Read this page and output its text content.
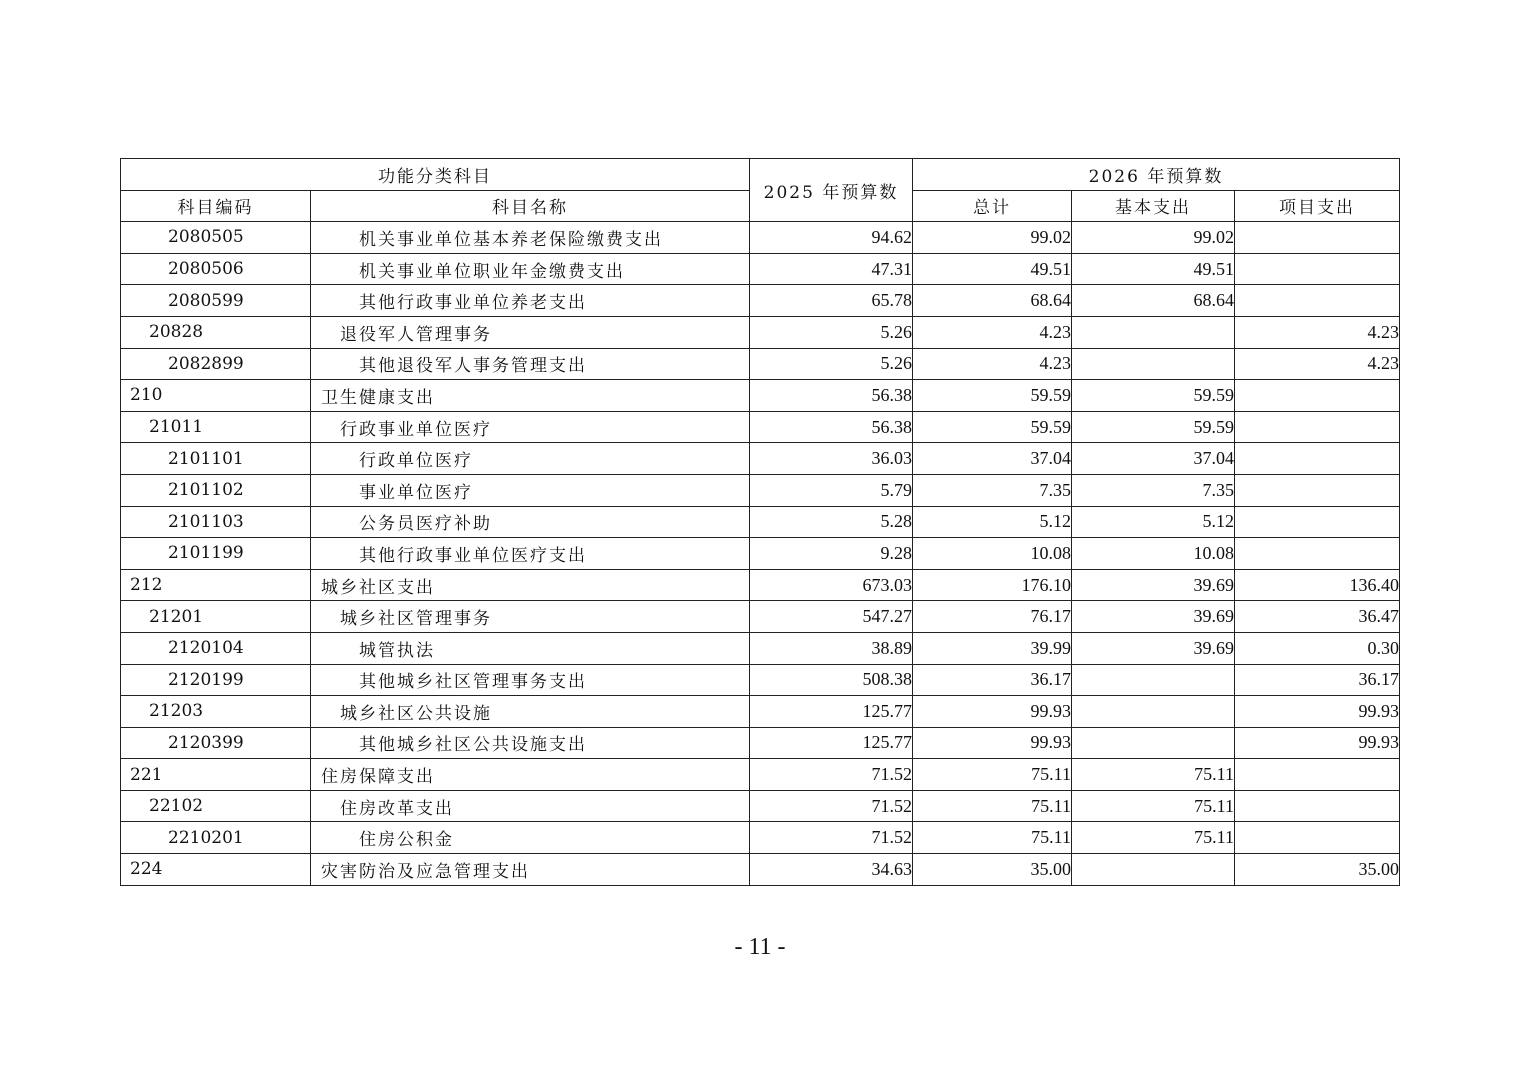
功能分类科目		2025 年预算数	2026 年预算数		
科目编码	科目名称		总计	基本支出	项目支出
2080505	机关事业单位基本养老保险缴费支出	94.62	99.02	99.02	
2080506	机关事业单位职业年金缴费支出	47.31	49.51	49.51	
2080599	其他行政事业单位养老支出	65.78	68.64	68.64	
20828	退役军人管理事务	5.26	4.23		4.23
2082899	其他退役军人事务管理支出	5.26	4.23		4.23
210	卫生健康支出	56.38	59.59	59.59	
21011	行政事业单位医疗	56.38	59.59	59.59	
2101101	行政单位医疗	36.03	37.04	37.04	
2101102	事业单位医疗	5.79	7.35	7.35	
2101103	公务员医疗补助	5.28	5.12	5.12	
2101199	其他行政事业单位医疗支出	9.28	10.08	10.08	
212	城乡社区支出	673.03	176.10	39.69	136.40
21201	城乡社区管理事务	547.27	76.17	39.69	36.47
2120104	城管执法	38.89	39.99	39.69	0.30
2120199	其他城乡社区管理事务支出	508.38	36.17		36.17
21203	城乡社区公共设施	125.77	99.93		99.93
2120399	其他城乡社区公共设施支出	125.77	99.93		99.93
221	住房保障支出	71.52	75.11	75.11	
22102	住房改革支出	71.52	75.11	75.11	
2210201	住房公积金	71.52	75.11	75.11	
224	灾害防治及应急管理支出	34.63	35.00		35.00
- 11 -
